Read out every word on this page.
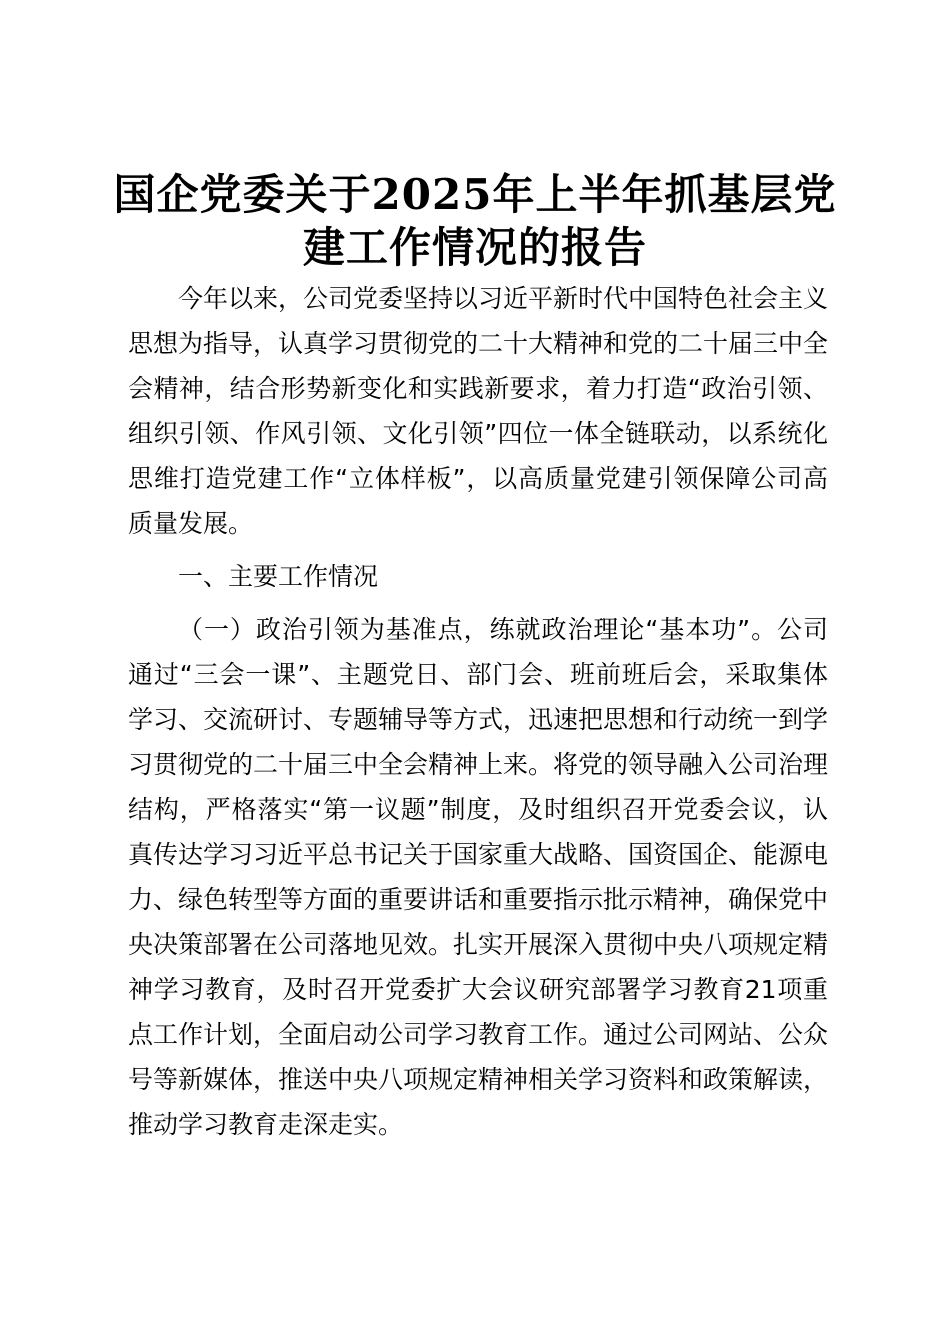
国企党委关于2025年上半年抓基层党建工作情况的报告

今年以来，公司党委坚持以习近平新时代中国特色社会主义思想为指导，认真学习贯彻党的二十大精神和党的二十届三中全会精神，结合形势新变化和实践新要求，着力打造“政治引领、组织引领、作风引领、文化引领”四位一体全链联动，以系统化思维打造党建工作“立体样板”，以高质量党建引领保障公司高质量发展。

一、主要工作情况

（一）政治引领为基准点，练就政治理论“基本功”。公司通过“三会一课”、主题党日、部门会、班前班后会，采取集体学习、交流研讨、专题辅导等方式，迅速把思想和行动统一到学习贯彻党的二十届三中全会精神上来。将党的领导融入公司治理结构，严格落实“第一议题”制度，及时组织召开党委会议，认真传达学习习近平总书记关于国家重大战略、国资国企、能源电力、绿色转型等方面的重要讲话和重要指示批示精神，确保党中央决策部署在公司落地见效。扎实开展深入贯彻中央八项规定精神学习教育，及时召开党委扩大会议研究部署学习教育21项重点工作计划，全面启动公司学习教育工作。通过公司网站、公众号等新媒体，推送中央八项规定精神相关学习资料和政策解读，推动学习教育走深走实。
